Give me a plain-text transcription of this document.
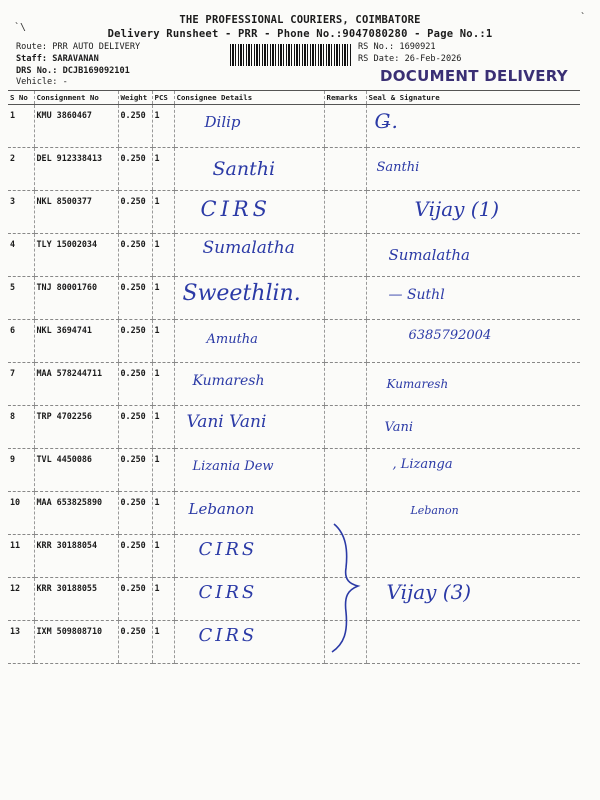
`\
`
THE PROFESSIONAL COURIERS, COIMBATORE
Delivery Runsheet - PRR - Phone No.:9047080280 - Page No.:1
Route: PRR AUTO DELIVERY
Staff: SARAVANAN
DRS No.: DCJB169092101
Vehicle: -
RS No.: 1690921
RS Date: 26-Feb-2026
DOCUMENT DELIVERY
S No	Consignment No	Weight	PCS	Consignee Details	Remarks	Seal & Signature
1	KMU 3860467	0.250	1	Dilip		Ǥ.

2	DEL 912338413	0.250	1	Santhi		Santhi

3	NKL 8500377	0.250	1	CIRS		Vijay (1)

4	TLY 15002034	0.250	1	Sumalatha		Sumalatha

5	TNJ 80001760	0.250	1	Sweethlin.		— Suthl

6	NKL 3694741	0.250	1	Amutha		6385792004

7	MAA 578244711	0.250	1	Kumaresh		Kumaresh

8	TRP 4702256	0.250	1	Vani Vani		Vani

9	TVL 4450086	0.250	1	Lizania Dew		, Lizanga

10	MAA 653825890	0.250	1	Lebanon		Lebanon

11	KRR 30188054	0.250	1	CIRS		

12	KRR 30188055	0.250	1	CIRS		Vijay (3)

13	IXM 509808710	0.250	1	CIRS		
